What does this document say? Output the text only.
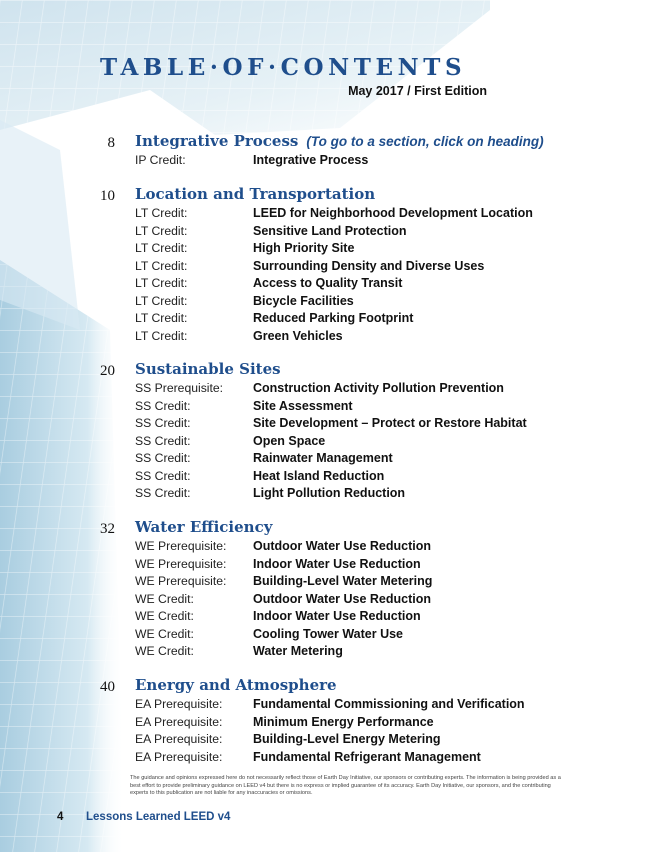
TABLE·OF·CONTENTS
May 2017 / First Edition
8 Integrative Process (To go to a section, click on heading)
IP Credit:	Integrative Process
10 Location and Transportation
LT Credit:	LEED for Neighborhood Development Location
LT Credit:	Sensitive Land Protection
LT Credit:	High Priority Site
LT Credit:	Surrounding Density and Diverse Uses
LT Credit:	Access to Quality Transit
LT Credit:	Bicycle Facilities
LT Credit:	Reduced Parking Footprint
LT Credit:	Green Vehicles
20 Sustainable Sites
SS Prerequisite: Construction Activity Pollution Prevention
SS Credit:	Site Assessment
SS Credit:	Site Development – Protect or Restore Habitat
SS Credit:	Open Space
SS Credit:	Rainwater Management
SS Credit:	Heat Island Reduction
SS Credit:	Light Pollution Reduction
32 Water Efficiency
WE Prerequisite: Outdoor Water Use Reduction
WE Prerequisite: Indoor Water Use Reduction
WE Prerequisite: Building-Level Water Metering
WE Credit:	Outdoor Water Use Reduction
WE Credit:	Indoor Water Use Reduction
WE Credit:	Cooling Tower Water Use
WE Credit:	Water Metering
40 Energy and Atmosphere
EA Prerequisite: Fundamental Commissioning and Verification
EA Prerequisite: Minimum Energy Performance
EA Prerequisite: Building-Level Energy Metering
EA Prerequisite: Fundamental Refrigerant Management
The guidance and opinions expressed here do not necessarily reflect those of Earth Day Initiative, our sponsors or contributing experts. The information is being provided as a best effort to provide preliminary guidance on LEED v4 but there is no express or implied guarantee of its accuracy. Earth Day Initiative, our sponsors, and the contributing experts to this publication are not liable for any inaccuracies or omissions.
4 Lessons Learned LEED v4
